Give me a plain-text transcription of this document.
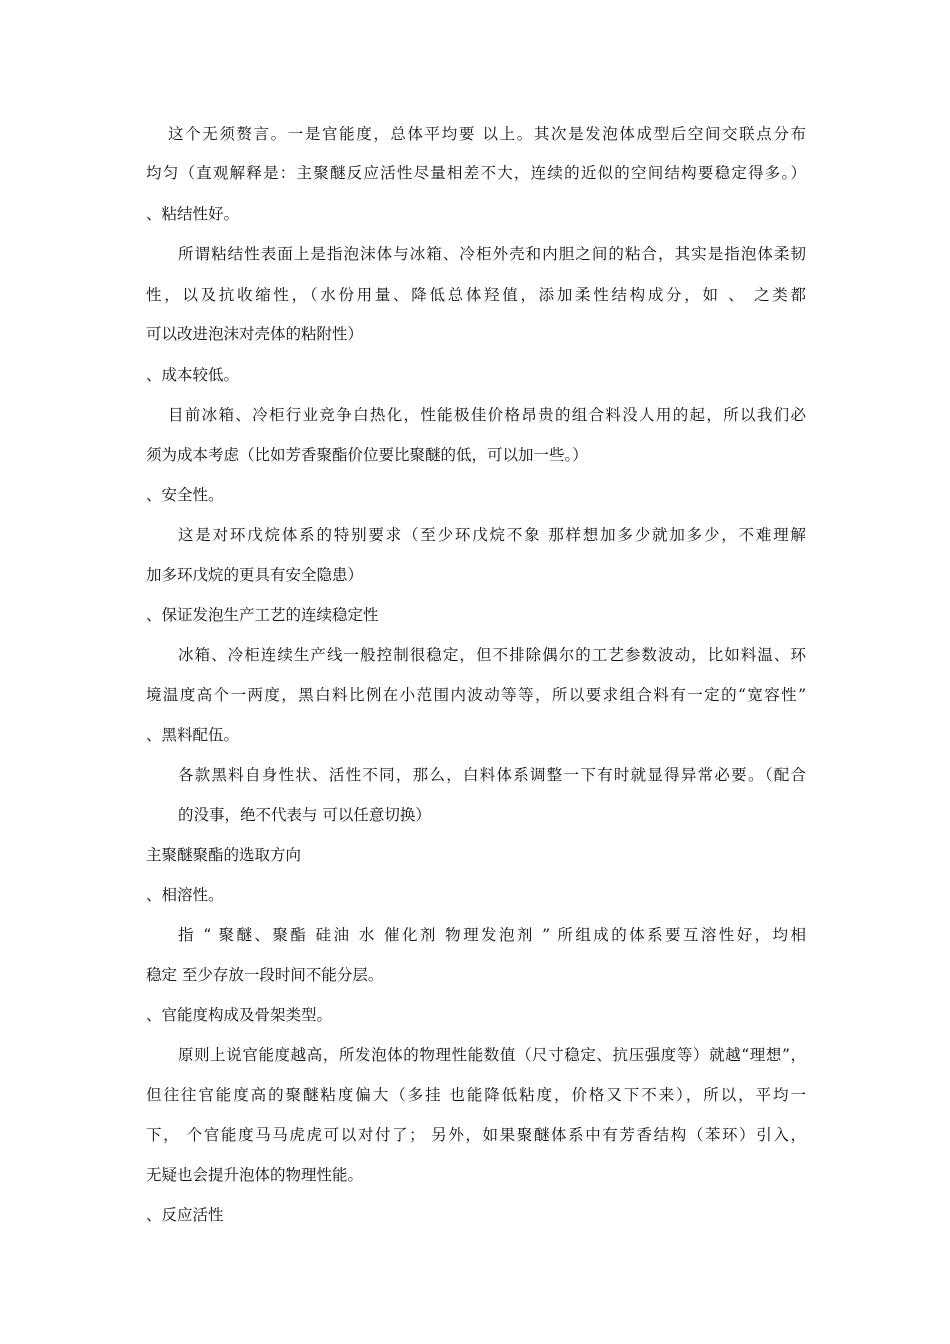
这个无须赘言。一是官能度，总体平均要 以上。其次是发泡体成型后空间交联点分布
均匀（直观解释是：主聚醚反应活性尽量相差不大，连续的近似的空间结构要稳定得多。）
、粘结性好。
所谓粘结性表面上是指泡沫体与冰箱、冷柜外壳和内胆之间的粘合，其实是指泡体柔韧
性，以及抗收缩性，（水份用量、降低总体羟值，添加柔性结构成分，如 、 之类都
可以改进泡沫对壳体的粘附性）
、成本较低。
目前冰箱、冷柜行业竞争白热化，性能极佳价格昂贵的组合料没人用的起，所以我们必
须为成本考虑（比如芳香聚酯价位要比聚醚的低，可以加一些。）
、安全性。
这是对环戊烷体系的特别要求（至少环戊烷不象 那样想加多少就加多少，不难理解
加多环戊烷的更具有安全隐患）
、保证发泡生产工艺的连续稳定性
冰箱、冷柜连续生产线一般控制很稳定，但不排除偶尔的工艺参数波动，比如料温、环
境温度高个一两度，黑白料比例在小范围内波动等等，所以要求组合料有一定的“宽容性”
、黑料配伍。
各款黑料自身性状、活性不同，那么，白料体系调整一下有时就显得异常必要。（配合
的没事，绝不代表与 可以任意切换）
主聚醚聚酯的选取方向
、相溶性。
指 “ 聚醚、聚酯 硅油 水 催化剂 物理发泡剂 ” 所组成的体系要互溶性好，均相
稳定 至少存放一段时间不能分层。
、官能度构成及骨架类型。
原则上说官能度越高，所发泡体的物理性能数值（尺寸稳定、抗压强度等）就越“理想”，
但往往官能度高的聚醚粘度偏大（多挂 也能降低粘度，价格又下不来），所以，平均一
下， 个官能度马马虎虎可以对付了； 另外，如果聚醚体系中有芳香结构（苯环）引入，
无疑也会提升泡体的物理性能。
、反应活性
